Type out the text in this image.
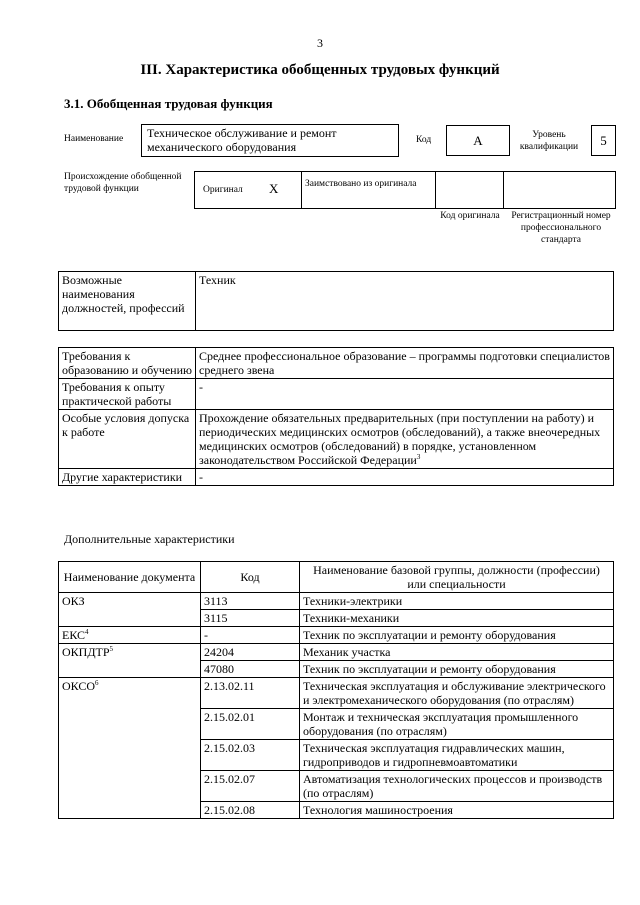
3
III. Характеристика обобщенных трудовых функций
3.1. Обобщенная трудовая функция
Наименование	Техническое обслуживание и ремонт механического оборудования	Код	А	Уровень квалификации	5
Происхождение обобщенной трудовой функции	Оригинал X	Заимствовано из оригинала
Код оригинала	Регистрационный номер профессионального стандарта
Возможные наименования должностей, профессий	Техник
Требования к образованию и обучению	Среднее профессиональное образование – программы подготовки специалистов среднего звена
Требования к опыту практической работы	-
Особые условия допуска к работе	Прохождение обязательных предварительных (при поступлении на работу) и периодических медицинских осмотров (обследований), а также внеочередных медицинских осмотров (обследований) в порядке, установленном законодательством Российской Федерации$^3$
Другие характеристики	-
Дополнительные характеристики
Наименование документа	Код	Наименование базовой группы, должности (профессии) или специальности
ОКЗ	3113	Техники-электрики
	3115	Техники-механики
ЕКС$^4$	-	Техник по эксплуатации и ремонту оборудования
ОКПДТР$^5$	24204	Механик участка
	47080	Техник по эксплуатации и ремонту оборудования
ОКСО$^6$	2.13.02.11	Техническая эксплуатация и обслуживание электрического и электромеханического оборудования (по отраслям)
	2.15.02.01	Монтаж и техническая эксплуатация промышленного оборудования (по отраслям)
	2.15.02.03	Техническая эксплуатация гидравлических машин, гидроприводов и гидропневмоавтоматики
	2.15.02.07	Автоматизация технологических процессов и производств (по отраслям)
	2.15.02.08	Технология машиностроения
